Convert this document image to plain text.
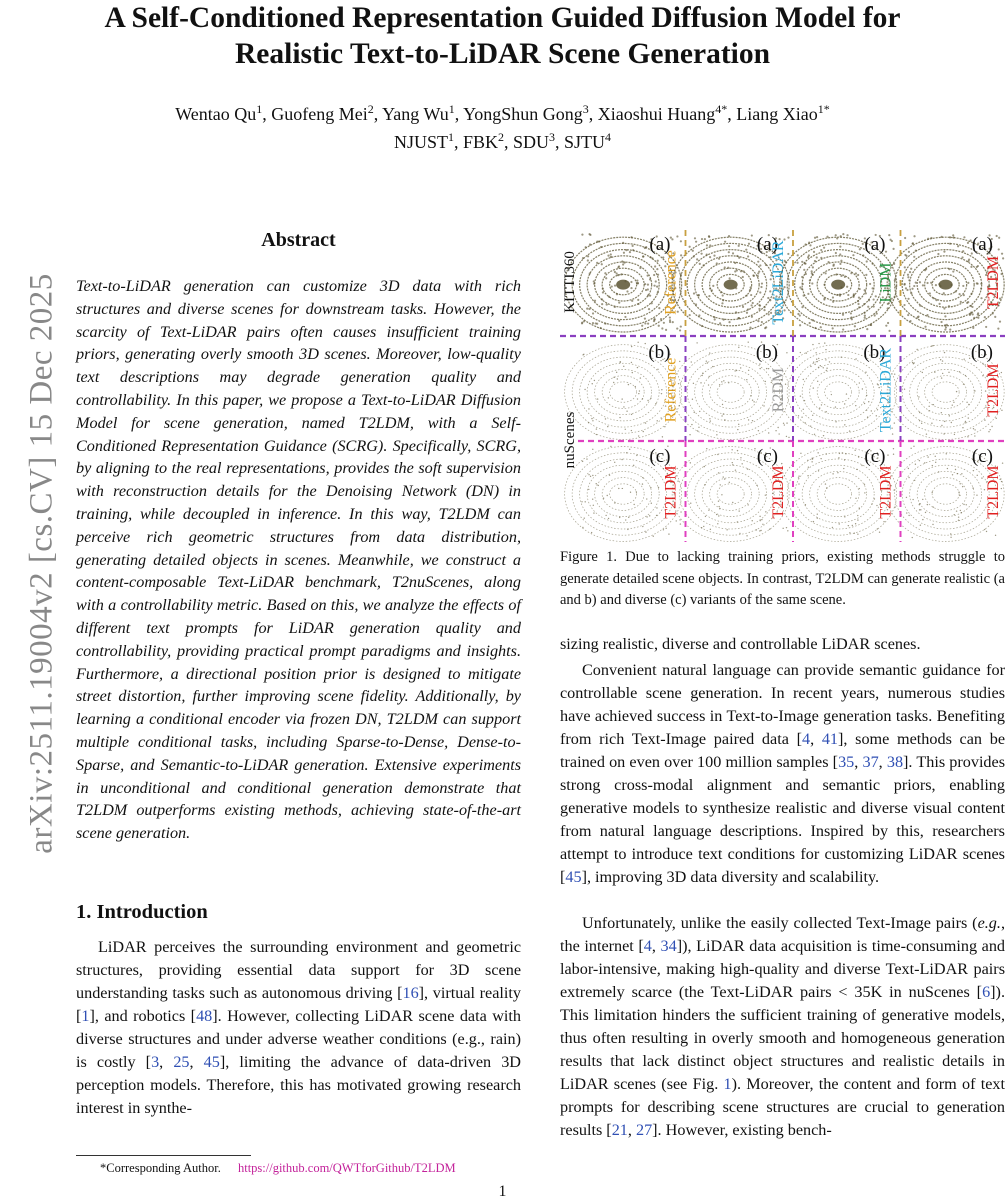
A Self-Conditioned Representation Guided Diffusion Model for
Realistic Text-to-LiDAR Scene Generation
Wentao Qu$^1$, Guofeng Mei$^2$, Yang Wu$^1$, YongShun Gong$^3$, Xiaoshui Huang$^{4*}$, Liang Xiao$^{1*}$
NJUST$^1$, FBK$^2$, SDU$^3$, SJTU$^4$
arXiv:2511.19004v2 [cs.CV] 15 Dec 2025
Abstract

Text-to-LiDAR generation can customize 3D data with rich structures and diverse scenes for downstream tasks. However, the scarcity of Text-LiDAR pairs often causes insufficient training priors, generating overly smooth 3D scenes. Moreover, low-quality text descriptions may degrade generation quality and controllability. In this paper, we propose a Text-to-LiDAR Diffusion Model for scene generation, named T2LDM, with a Self-Conditioned Representation Guidance (SCRG). Specifically, SCRG, by aligning to the real representations, provides the soft supervision with reconstruction details for the Denoising Network (DN) in training, while decoupled in inference. In this way, T2LDM can perceive rich geometric structures from data distribution, generating detailed objects in scenes. Meanwhile, we construct a content-composable Text-LiDAR benchmark, T2nuScenes, along with a controllability metric. Based on this, we analyze the effects of different text prompts for LiDAR generation quality and controllability, providing practical prompt paradigms and insights. Furthermore, a directional position prior is designed to mitigate street distortion, further improving scene fidelity. Additionally, by learning a conditional encoder via frozen DN, T2LDM can support multiple conditional tasks, including Sparse-to-Dense, Dense-to-Sparse, and Semantic-to-LiDAR generation. Extensive experiments in unconditional and conditional generation demonstrate that T2LDM outperforms existing methods, achieving state-of-the-art scene generation.

1. Introduction

LiDAR perceives the surrounding environment and geometric structures, providing essential data support for 3D scene understanding tasks such as autonomous driving [16], virtual reality [1], and robotics [48]. However, collecting LiDAR scene data with diverse structures and under adverse weather conditions (e.g., rain) is costly [3, 25, 45], limiting the advance of data-driven 3D perception models. Therefore, this has motivated growing research interest in synthe-

*Corresponding Author. https://github.com/QWTforGithub/T2LDM
(a)
Reference
(a)
Text2LiDAR	(a)
LiDM
(a)
T2LDM
(b)
Reference
(b)
R2DM
(b)
Text2LiDAR	(b)
T2LDM
(c)
T2LDM
(c)
T2LDM
(c)
T2LDM
(c)
T2LDM
KITTI360
nuScenes

Figure 1. Due to lacking training priors, existing methods struggle to generate detailed scene objects. In contrast, T2LDM can generate realistic (a and b) and diverse (c) variants of the same scene.

sizing realistic, diverse and controllable LiDAR scenes.

Convenient natural language can provide semantic guidance for controllable scene generation. In recent years, numerous studies have achieved success in Text-to-Image generation tasks. Benefiting from rich Text-Image paired data [4, 41], some methods can be trained on even over 100 million samples [35, 37, 38]. This provides strong cross-modal alignment and semantic priors, enabling generative models to synthesize realistic and diverse visual content from natural language descriptions. Inspired by this, researchers attempt to introduce text conditions for customizing LiDAR scenes [45], improving 3D data diversity and scalability.

Unfortunately, unlike the easily collected Text-Image pairs (e.g., the internet [4, 34]), LiDAR data acquisition is time-consuming and labor-intensive, making high-quality and diverse Text-LiDAR pairs extremely scarce (the Text-LiDAR pairs < 35K in nuScenes [6]). This limitation hinders the sufficient training of generative models, thus often resulting in overly smooth and homogeneous generation results that lack distinct object structures and realistic details in LiDAR scenes (see Fig. 1). Moreover, the content and form of text prompts for describing scene structures are crucial to generation results [21, 27]. However, existing bench-

1
